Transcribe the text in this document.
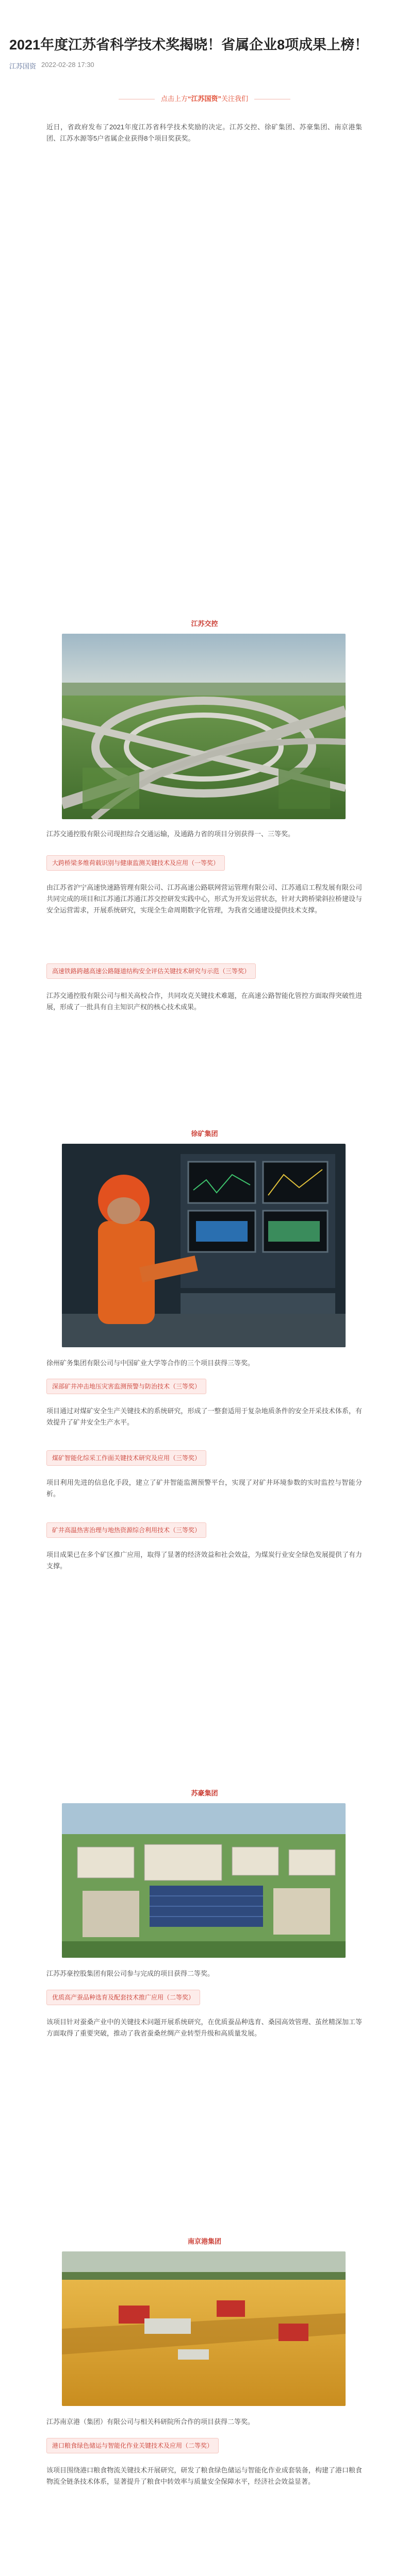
2021年度江苏省科学技术奖揭晓！省属企业8项成果上榜！
江苏国资 2022-02-28 17:30
点击上方“江苏国资”关注我们

近日，省政府发布了2021年度江苏省科学技术奖励的决定。江苏交控、徐矿集团、苏豪集团、南京港集团、江苏水源等5户省属企业获得8个项目奖获奖。

江苏交控

江苏交通控股有限公司现担综合交通运输，及通路力省的项目分别获得一、三等奖。

大跨桥梁多维荷载识别与健康监测关键技术及应用（一等奖）

由江苏省沪宁高速快速路管理有限公司、江苏高速公路联网营运管理有限公司、江苏通启工程发展有限公司共同完成的项目和江苏通江苏通江苏交控研发实践中心，形式为开发运营状态，针对大跨桥梁斜拉桥建设与安全运营需求，开展系统研究，实现全生命周期数字化管理，为我省交通建设提供技术支撑。

高速铁路跨越高速公路隧道结构安全评估关键技术研究与示范（三等奖）

江苏交通控股有限公司与相关高校合作，共同攻克关键技术难题，在高速公路智能化管控方面取得突破性进展，形成了一批具有自主知识产权的核心技术成果。

徐矿集团

徐州矿务集团有限公司与中国矿业大学等合作的三个项目获得三等奖。

深部矿井冲击地压灾害监测预警与防治技术（三等奖）

项目通过对煤矿安全生产关键技术的系统研究，形成了一整套适用于复杂地质条件的安全开采技术体系，有效提升了矿井安全生产水平。

煤矿智能化综采工作面关键技术研究及应用（三等奖）

项目利用先进的信息化手段，建立了矿井智能监测预警平台，实现了对矿井环境参数的实时监控与智能分析。

矿井高温热害治理与地热资源综合利用技术（三等奖）

项目成果已在多个矿区推广应用，取得了显著的经济效益和社会效益，为煤炭行业安全绿色发展提供了有力支撑。

苏豪集团

江苏苏豪控股集团有限公司参与完成的项目获得二等奖。

优质高产蚕品种选育及配套技术推广应用（二等奖）

该项目针对蚕桑产业中的关键技术问题开展系统研究，在优质蚕品种选育、桑园高效管理、茧丝精深加工等方面取得了重要突破，推动了我省蚕桑丝绸产业转型升级和高质量发展。

南京港集团

江苏南京港（集团）有限公司与相关科研院所合作的项目获得二等奖。

港口粮食绿色储运与智能化作业关键技术及应用（二等奖）

该项目围绕港口粮食物流关键技术开展研究，研发了粮食绿色储运与智能化作业成套装备，构建了港口粮食物流全链条技术体系，显著提升了粮食中转效率与质量安全保障水平，经济社会效益显著。
